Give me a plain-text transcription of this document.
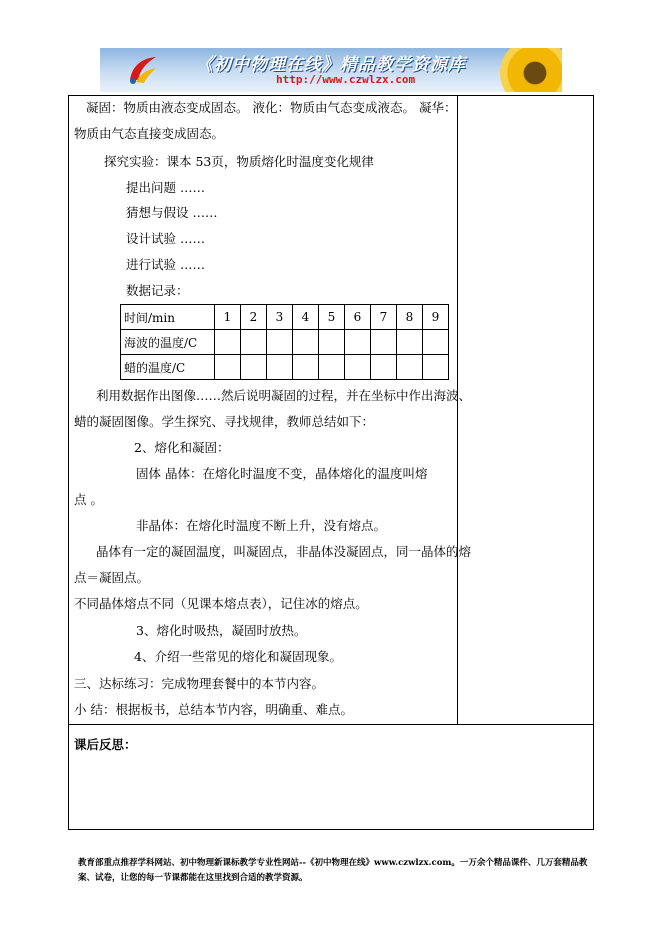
《初中物理在线》精品教学资源库
http://www.czwlzx.com
凝固：物质由液态变成固态。 液化：物质由气态变成液态。 凝华：
物质由气态直接变成固态。
探究实验：课本 53页，物质熔化时温度变化规律
提出问题 ……
猜想与假设 ……
设计试验 ……
进行试验 ……
数据记录：
时间/min	1	2	3	4	5	6	7	8	9
海波的温度/C									
蜡的温度/C									
利用数据作出图像……然后说明凝固的过程，并在坐标中作出海波、
蜡的凝固图像。学生探究、寻找规律，教师总结如下：
2、熔化和凝固：
固体 晶体：在熔化时温度不变，晶体熔化的温度叫熔
点 。
非晶体：在熔化时温度不断上升，没有熔点。
晶体有一定的凝固温度，叫凝固点，非晶体没凝固点，同一晶体的熔
点＝凝固点。
不同晶体熔点不同（见课本熔点表），记住冰的熔点。
3、熔化时吸热，凝固时放热。
4、介绍一些常见的熔化和凝固现象。
三、达标练习：完成物理套餐中的本节内容。
小 结：根据板书，总结本节内容，明确重、难点。
课后反思：
教育部重点推荐学科网站、初中物理新课标教学专业性网站--《初中物理在线》www.czwlzx.com。一万余个精品课件、几万套精品教案、试卷，让您的每一节课都能在这里找到合适的教学资源。
